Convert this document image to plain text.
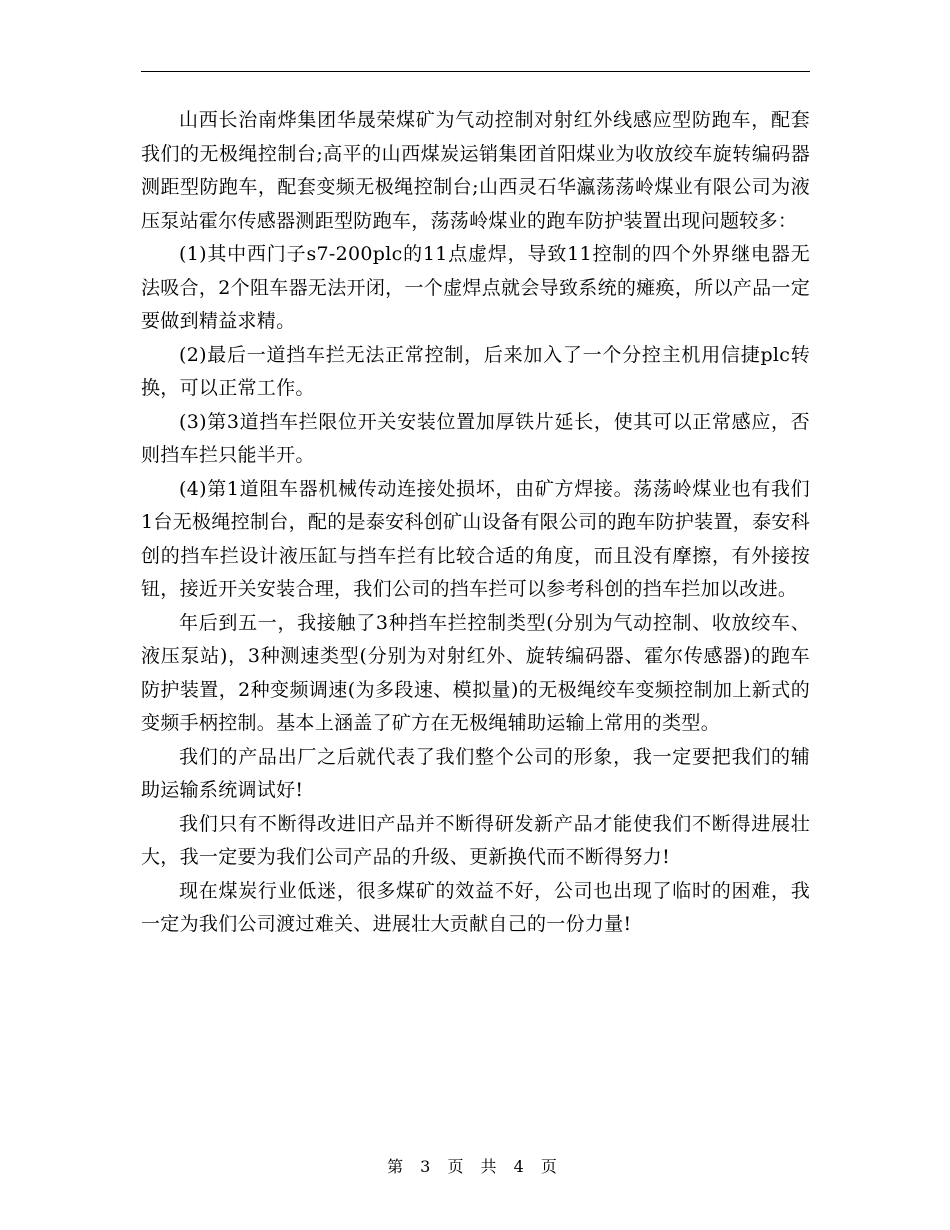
山西长治南烨集团华晟荣煤矿为气动控制对射红外线感应型防跑车，配套我们的无极绳控制台;高平的山西煤炭运销集团首阳煤业为收放绞车旋转编码器测距型防跑车，配套变频无极绳控制台;山西灵石华瀛荡荡岭煤业有限公司为液压泵站霍尔传感器测距型防跑车，荡荡岭煤业的跑车防护装置出现问题较多：

(1)其中西门子s7-200plc的11点虚焊，导致11控制的四个外界继电器无法吸合，2个阻车器无法开闭，一个虚焊点就会导致系统的瘫痪，所以产品一定要做到精益求精。

(2)最后一道挡车拦无法正常控制，后来加入了一个分控主机用信捷plc转换，可以正常工作。

(3)第3道挡车拦限位开关安装位置加厚铁片延长，使其可以正常感应，否则挡车拦只能半开。

(4)第1道阻车器机械传动连接处损坏，由矿方焊接。荡荡岭煤业也有我们1台无极绳控制台，配的是泰安科创矿山设备有限公司的跑车防护装置，泰安科创的挡车拦设计液压缸与挡车拦有比较合适的角度，而且没有摩擦，有外接按钮，接近开关安装合理，我们公司的挡车拦可以参考科创的挡车拦加以改进。

年后到五一，我接触了3种挡车拦控制类型(分别为气动控制、收放绞车、液压泵站)，3种测速类型(分别为对射红外、旋转编码器、霍尔传感器)的跑车防护装置，2种变频调速(为多段速、模拟量)的无极绳绞车变频控制加上新式的变频手柄控制。基本上涵盖了矿方在无极绳辅助运输上常用的类型。

我们的产品出厂之后就代表了我们整个公司的形象，我一定要把我们的辅助运输系统调试好!

我们只有不断得改进旧产品并不断得研发新产品才能使我们不断得进展壮大，我一定要为我们公司产品的升级、更新换代而不断得努力!

现在煤炭行业低迷，很多煤矿的效益不好，公司也出现了临时的困难，我一定为我们公司渡过难关、进展壮大贡献自己的一份力量!

第 3 页 共 4 页
